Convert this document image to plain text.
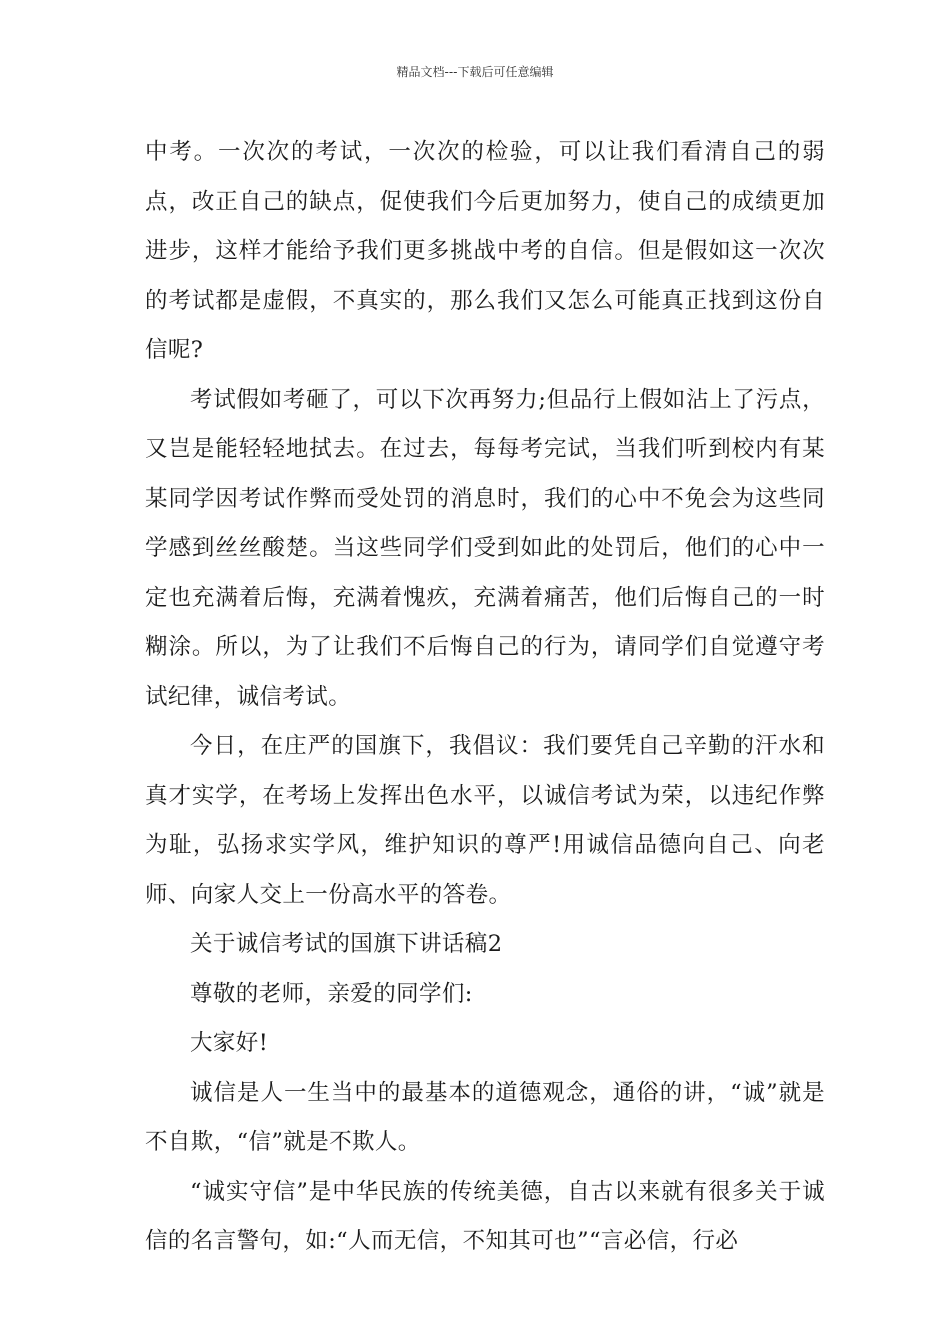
精品文档---下载后可任意编辑

中考。一次次的考试，一次次的检验，可以让我们看清自己的弱点，改正自己的缺点，促使我们今后更加努力，使自己的成绩更加进步，这样才能给予我们更多挑战中考的自信。但是假如这一次次的考试都是虚假，不真实的，那么我们又怎么可能真正找到这份自信呢?

考试假如考砸了，可以下次再努力;但品行上假如沾上了污点，又岂是能轻轻地拭去。在过去，每每考完试，当我们听到校内有某某同学因考试作弊而受处罚的消息时，我们的心中不免会为这些同学感到丝丝酸楚。当这些同学们受到如此的处罚后，他们的心中一定也充满着后悔，充满着愧疚，充满着痛苦，他们后悔自己的一时糊涂。所以，为了让我们不后悔自己的行为，请同学们自觉遵守考试纪律，诚信考试。

今日，在庄严的国旗下，我倡议：我们要凭自己辛勤的汗水和真才实学，在考场上发挥出色水平，以诚信考试为荣，以违纪作弊为耻，弘扬求实学风，维护知识的尊严!用诚信品德向自己、向老师、向家人交上一份高水平的答卷。

关于诚信考试的国旗下讲话稿2

尊敬的老师，亲爱的同学们:

大家好!

诚信是人一生当中的最基本的道德观念，通俗的讲，“诚”就是不自欺，“信”就是不欺人。

“诚实守信”是中华民族的传统美德，自古以来就有很多关于诚信的名言警句，如:“人而无信，不知其可也”“言必信，行必
